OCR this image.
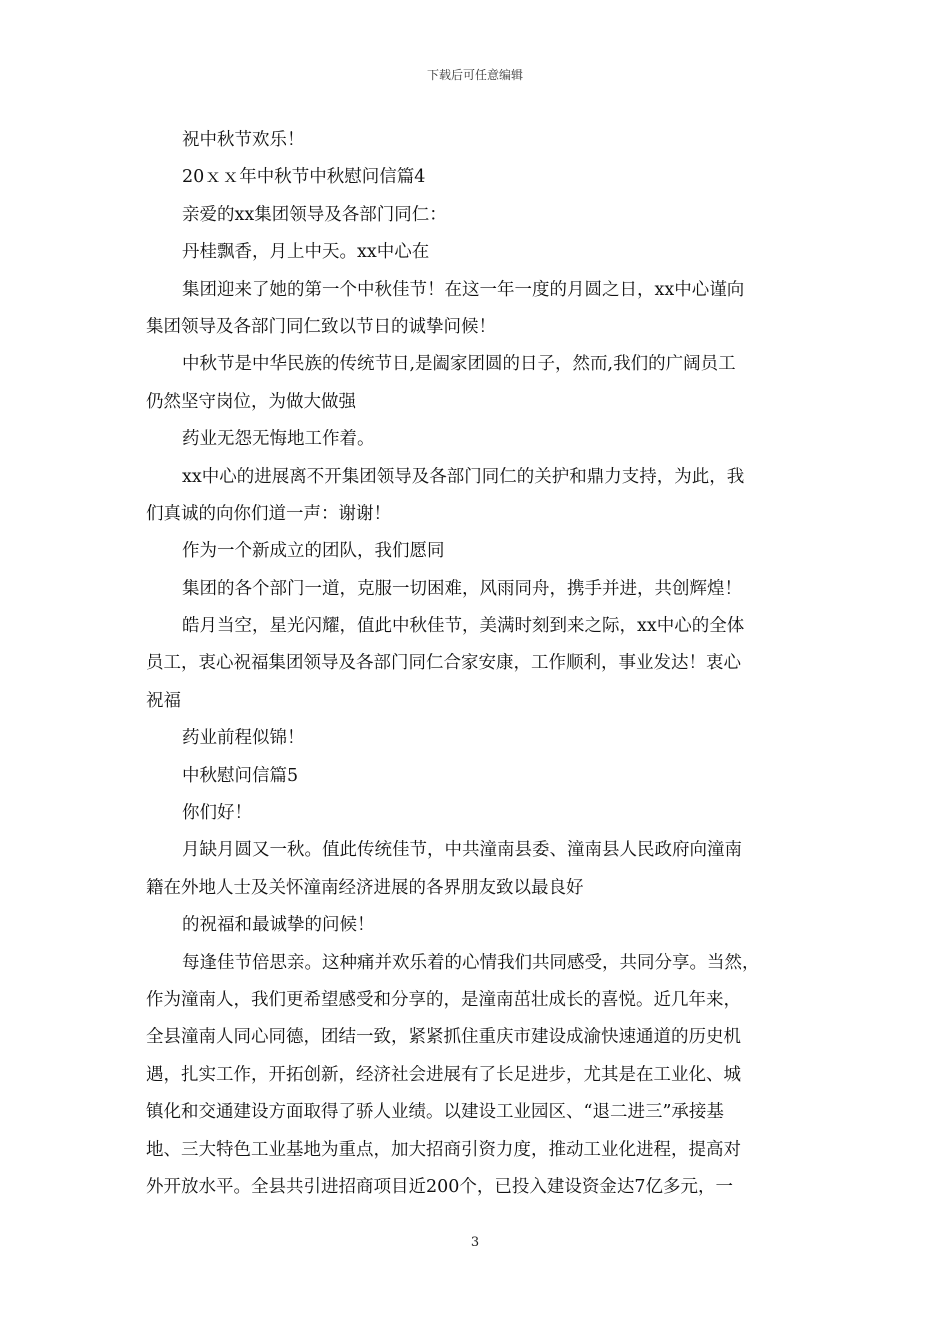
下载后可任意编辑
祝中秋节欢乐！
20ｘｘ年中秋节中秋慰问信篇4
亲爱的xx集团领导及各部门同仁：
丹桂飘香，月上中天。xx中心在
集团迎来了她的第一个中秋佳节！在这一年一度的月圆之日，xx中心谨向
集团领导及各部门同仁致以节日的诚挚问候！
中秋节是中华民族的传统节日,是阖家团圆的日子，然而,我们的广阔员工
仍然坚守岗位，为做大做强
药业无怨无悔地工作着。
xx中心的进展离不开集团领导及各部门同仁的关护和鼎力支持，为此，我
们真诚的向你们道一声：谢谢！
作为一个新成立的团队，我们愿同
集团的各个部门一道，克服一切困难，风雨同舟，携手并进，共创辉煌！
皓月当空，星光闪耀，值此中秋佳节，美满时刻到来之际，xx中心的全体
员工，衷心祝福集团领导及各部门同仁合家安康，工作顺利，事业发达！衷心
祝福
药业前程似锦！
中秋慰问信篇5
你们好！
月缺月圆又一秋。值此传统佳节，中共潼南县委、潼南县人民政府向潼南
籍在外地人士及关怀潼南经济进展的各界朋友致以最良好
的祝福和最诚挚的问候！
每逢佳节倍思亲。这种痛并欢乐着的心情我们共同感受，共同分享。当然，
作为潼南人，我们更希望感受和分享的，是潼南茁壮成长的喜悦。近几年来，
全县潼南人同心同德，团结一致，紧紧抓住重庆市建设成渝快速通道的历史机
遇，扎实工作，开拓创新，经济社会进展有了长足进步，尤其是在工业化、城
镇化和交通建设方面取得了骄人业绩。以建设工业园区、“退二进三”承接基
地、三大特色工业基地为重点，加大招商引资力度，推动工业化进程，提高对
外开放水平。全县共引进招商项目近200个，已投入建设资金达7亿多元，一
3
